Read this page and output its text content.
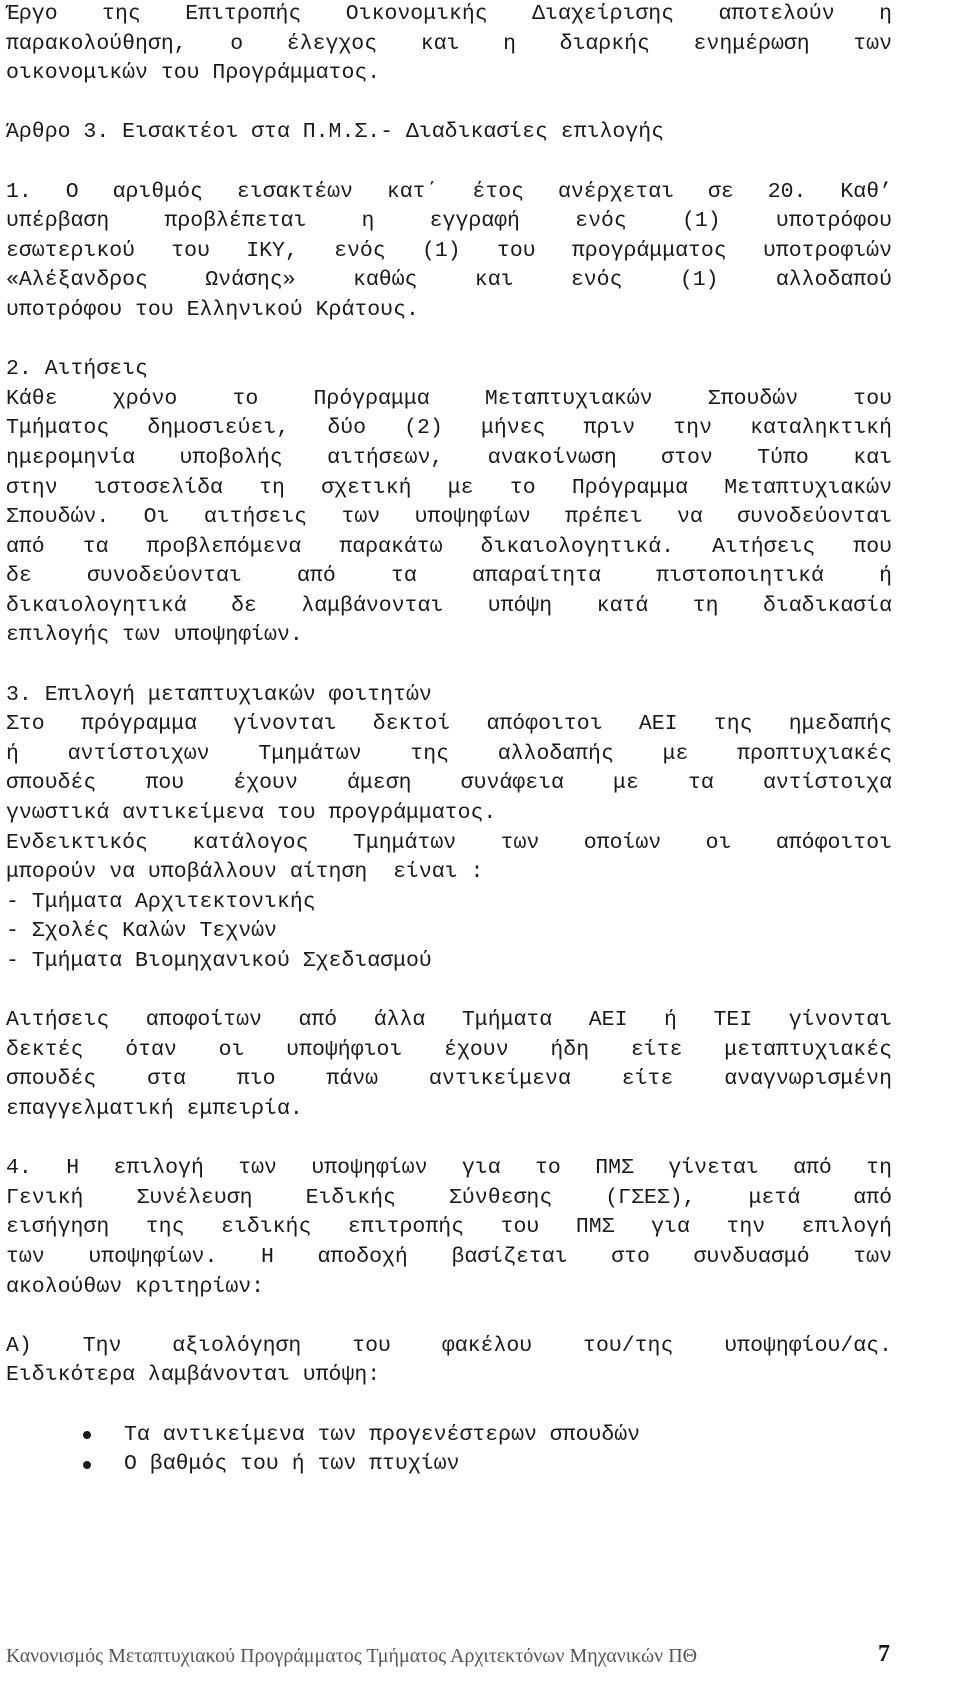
Έργο της Επιτροπής Οικονομικής Διαχείρισης αποτελούν η
παρακολούθηση, ο έλεγχος και η διαρκής ενημέρωση των
οικονομικών του Προγράμματος.
Άρθρο 3. Εισακτέοι στα Π.Μ.Σ.- Διαδικασίες επιλογής
1. Ο αριθμός εισακτέων κατ΄ έτος ανέρχεται σε 20. Καθ’
υπέρβαση προβλέπεται η εγγραφή ενός (1) υποτρόφου
εσωτερικού του ΙΚΥ, ενός (1) του προγράμματος υποτροφιών
«Αλέξανδρος Ωνάσης» καθώς και ενός (1) αλλοδαπού
υποτρόφου του Ελληνικού Κράτους.
2. Αιτήσεις
Κάθε χρόνο το Πρόγραμμα Μεταπτυχιακών Σπουδών του
Τμήματος δημοσιεύει, δύο (2) μήνες πριν την καταληκτική
ημερομηνία υποβολής αιτήσεων, ανακοίνωση στον Τύπο και
στην ιστοσελίδα τη σχετική με το Πρόγραμμα Μεταπτυχιακών
Σπουδών. Οι αιτήσεις των υποψηφίων πρέπει να συνοδεύονται
από τα προβλεπόμενα παρακάτω δικαιολογητικά. Αιτήσεις που
δε συνοδεύονται από τα απαραίτητα πιστοποιητικά ή
δικαιολογητικά δε λαμβάνονται υπόψη κατά τη διαδικασία
επιλογής των υποψηφίων.
3. Επιλογή μεταπτυχιακών φοιτητών
Στο πρόγραμμα γίνονται δεκτοί απόφοιτοι ΑΕΙ της ημεδαπής
ή αντίστοιχων Τμημάτων της αλλοδαπής με προπτυχιακές
σπουδές που έχουν άμεση συνάφεια με τα αντίστοιχα
γνωστικά αντικείμενα του προγράμματος.
Ενδεικτικός κατάλογος Τμημάτων των οποίων οι απόφοιτοι
μπορούν να υποβάλλουν αίτηση  είναι :
- Τμήματα Αρχιτεκτονικής
- Σχολές Καλών Τεχνών
- Τμήματα Βιομηχανικού Σχεδιασμού
Αιτήσεις αποφοίτων από άλλα Τμήματα ΑΕΙ ή ΤΕΙ γίνονται
δεκτές όταν οι υποψήφιοι έχουν ήδη είτε μεταπτυχιακές
σπουδές στα πιο πάνω αντικείμενα είτε αναγνωρισμένη
επαγγελματική εμπειρία.
4. Η επιλογή των υποψηφίων για το ΠΜΣ γίνεται από τη
Γενική Συνέλευση Ειδικής Σύνθεσης (ΓΣΕΣ), μετά από
εισήγηση της ειδικής επιτροπής του ΠΜΣ για την επιλογή
των υποψηφίων. Η αποδοχή βασίζεται στο συνδυασμό των
ακολούθων κριτηρίων:
Α) Την αξιολόγηση του φακέλου του/της υποψηφίου/ας.
Ειδικότερα λαμβάνονται υπόψη:
Τα αντικείμενα των προγενέστερων σπουδών
Ο βαθμός του ή των πτυχίων
Κανονισμός Μεταπτυχιακού Προγράμματος Τμήματος Αρχιτεκτόνων Μηχανικών ΠΘ	7
